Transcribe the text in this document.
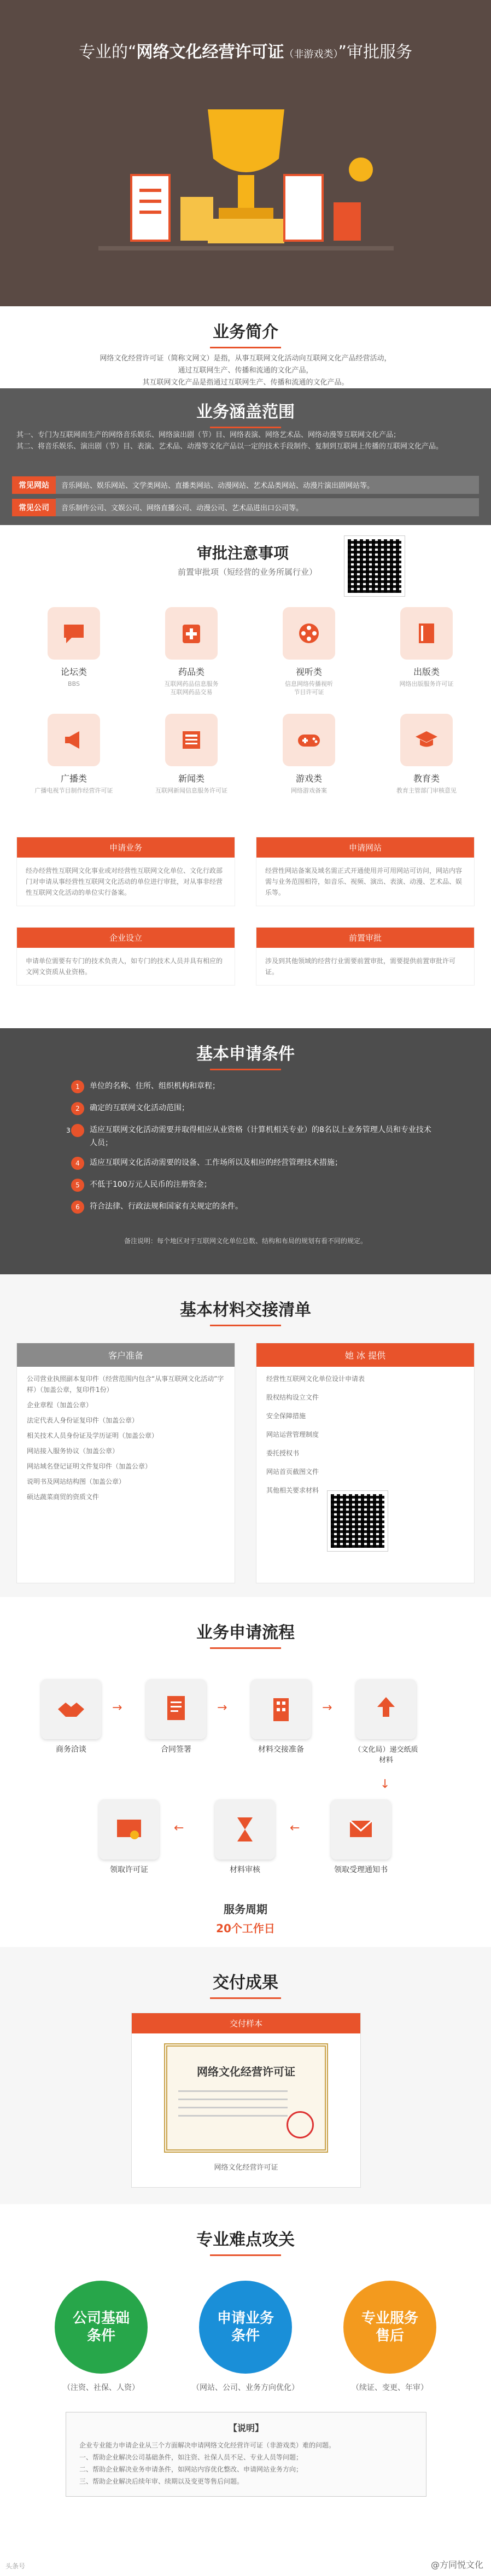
专业的“网络文化经营许可证（非游戏类）”审批服务
业务简介
网络文化经营许可证（简称文网文）是指，从事互联网文化活动向互联网文化产品经营活动，
通过互联网生产、传播和流通的文化产品，
其互联网文化产品是指通过互联网生产、传播和流通的文化产品。
业务涵盖范围
其一、专门为互联网而生产的网络音乐娱乐、网络演出剧（节）目、网络表演、网络艺术品、网络动漫等互联网文化产品；
其二、将音乐娱乐、演出剧（节）目、表演、艺术品、动漫等文化产品以一定的技术手段制作、复制到互联网上传播的互联网文化产品。
常见网站	音乐网站、娱乐网站、文学类网站、直播类网站、动漫网站、艺术品类网站、动漫片演出剧网站等。
常见公司	音乐制作公司、文娱公司、网络直播公司、动漫公司、艺术品进出口公司等。
审批注意事项
前置审批项（短经营的业务所属行业）
论坛类
BBS
药品类
互联网药品信息服务
互联网药品交易
视听类
信息网络传播视听
节目许可证
出版类
网络出版服务许可证
广播类
广播电视节目制作经营许可证
新闻类
互联网新闻信息服务许可证
游戏类
网络游戏备案
教育类
教育主管部门审核意见
申请业务
经办经营性互联网文化事业或对经营性互联网文化单位、文化行政部门对申请从事经营性互联网文化活动的单位进行审批，对从事非经营性互联网文化活动的单位实行备案。
申请网站
经营性网站备案及域名需正式开通使用并可用网站可访问，网站内容需与业务范围相符，如音乐、视频、演出、表演、动漫、艺术品、娱乐等。
企业设立
申请单位需要有专门的技术负责人，如专门的技术人员并具有相应的文网文资质从业资格。
前置审批
涉及到其他领域的经营行业需要前置审批，需要提供前置审批许可证。
基本申请条件
1 单位的名称、住所、组织机构和章程；
2 确定的互联网文化活动范围；
3	适应互联网文化活动需要并取得相应从业资格（计算机相关专业）的8名以上业务管理人员和专业技术人员；
4 适应互联网文化活动需要的设备、工作场所以及相应的经营管理技术措施；
5 不低于100万元人民币的注册资金；
6 符合法律、行政法规和国家有关规定的条件。
备注说明：每个地区对于互联网文化单位总数、结构和布局的规划有看不同的规定。
基本材料交接清单
客户准备
公司营业执照副本复印件（经营范围内包含“从事互联网文化活动”字样）（加盖公章，复印件1份）
企业章程（加盖公章）
法定代表人身份证复印件（加盖公章）
相关技术人员身份证及学历证明（加盖公章）
网站接入服务协议（加盖公章）
网站域名登记证明文件复印件（加盖公章）
说明书及网站结构图（加盖公章）
硕达蔬菜商贸的资质文件
她 冰 提供
经营性互联网文化单位设计申请表
股权结构设立文件
安全保障措施
网站运营管理制度
委托授权书
网站首页截图文件
其他相关要求材料
业务申请流程
商务洽谈
→
合同签署
→
材料交接准备
→
（文化局）递交纸质材料
↓
领取受理通知书
←
材料审核
←
领取许可证
服务周期
20个工作日
交付成果
交付样本
网络文化经营许可证
网络文化经营许可证
专业难点攻关
公司基础
条件
申请业务
条件
专业服务
售后
（注资、社保、人资）	（网站、公司、业务方向优化）	（续证、变更、年审）
【说明】
企业专业能力申请企业从三个方面解决申请网络文化经营许可证（非游戏类）难的问题。
一、帮助企业解决公司基础条件，如注资、社保人员不足、专业人员等问题；
二、帮助企业解决业务申请条件，如网站内容优化整改、申请网站业务方向；
三、帮助企业解决后续年审、续期以及变更等售后问题。
头条号	@方同悦文化
